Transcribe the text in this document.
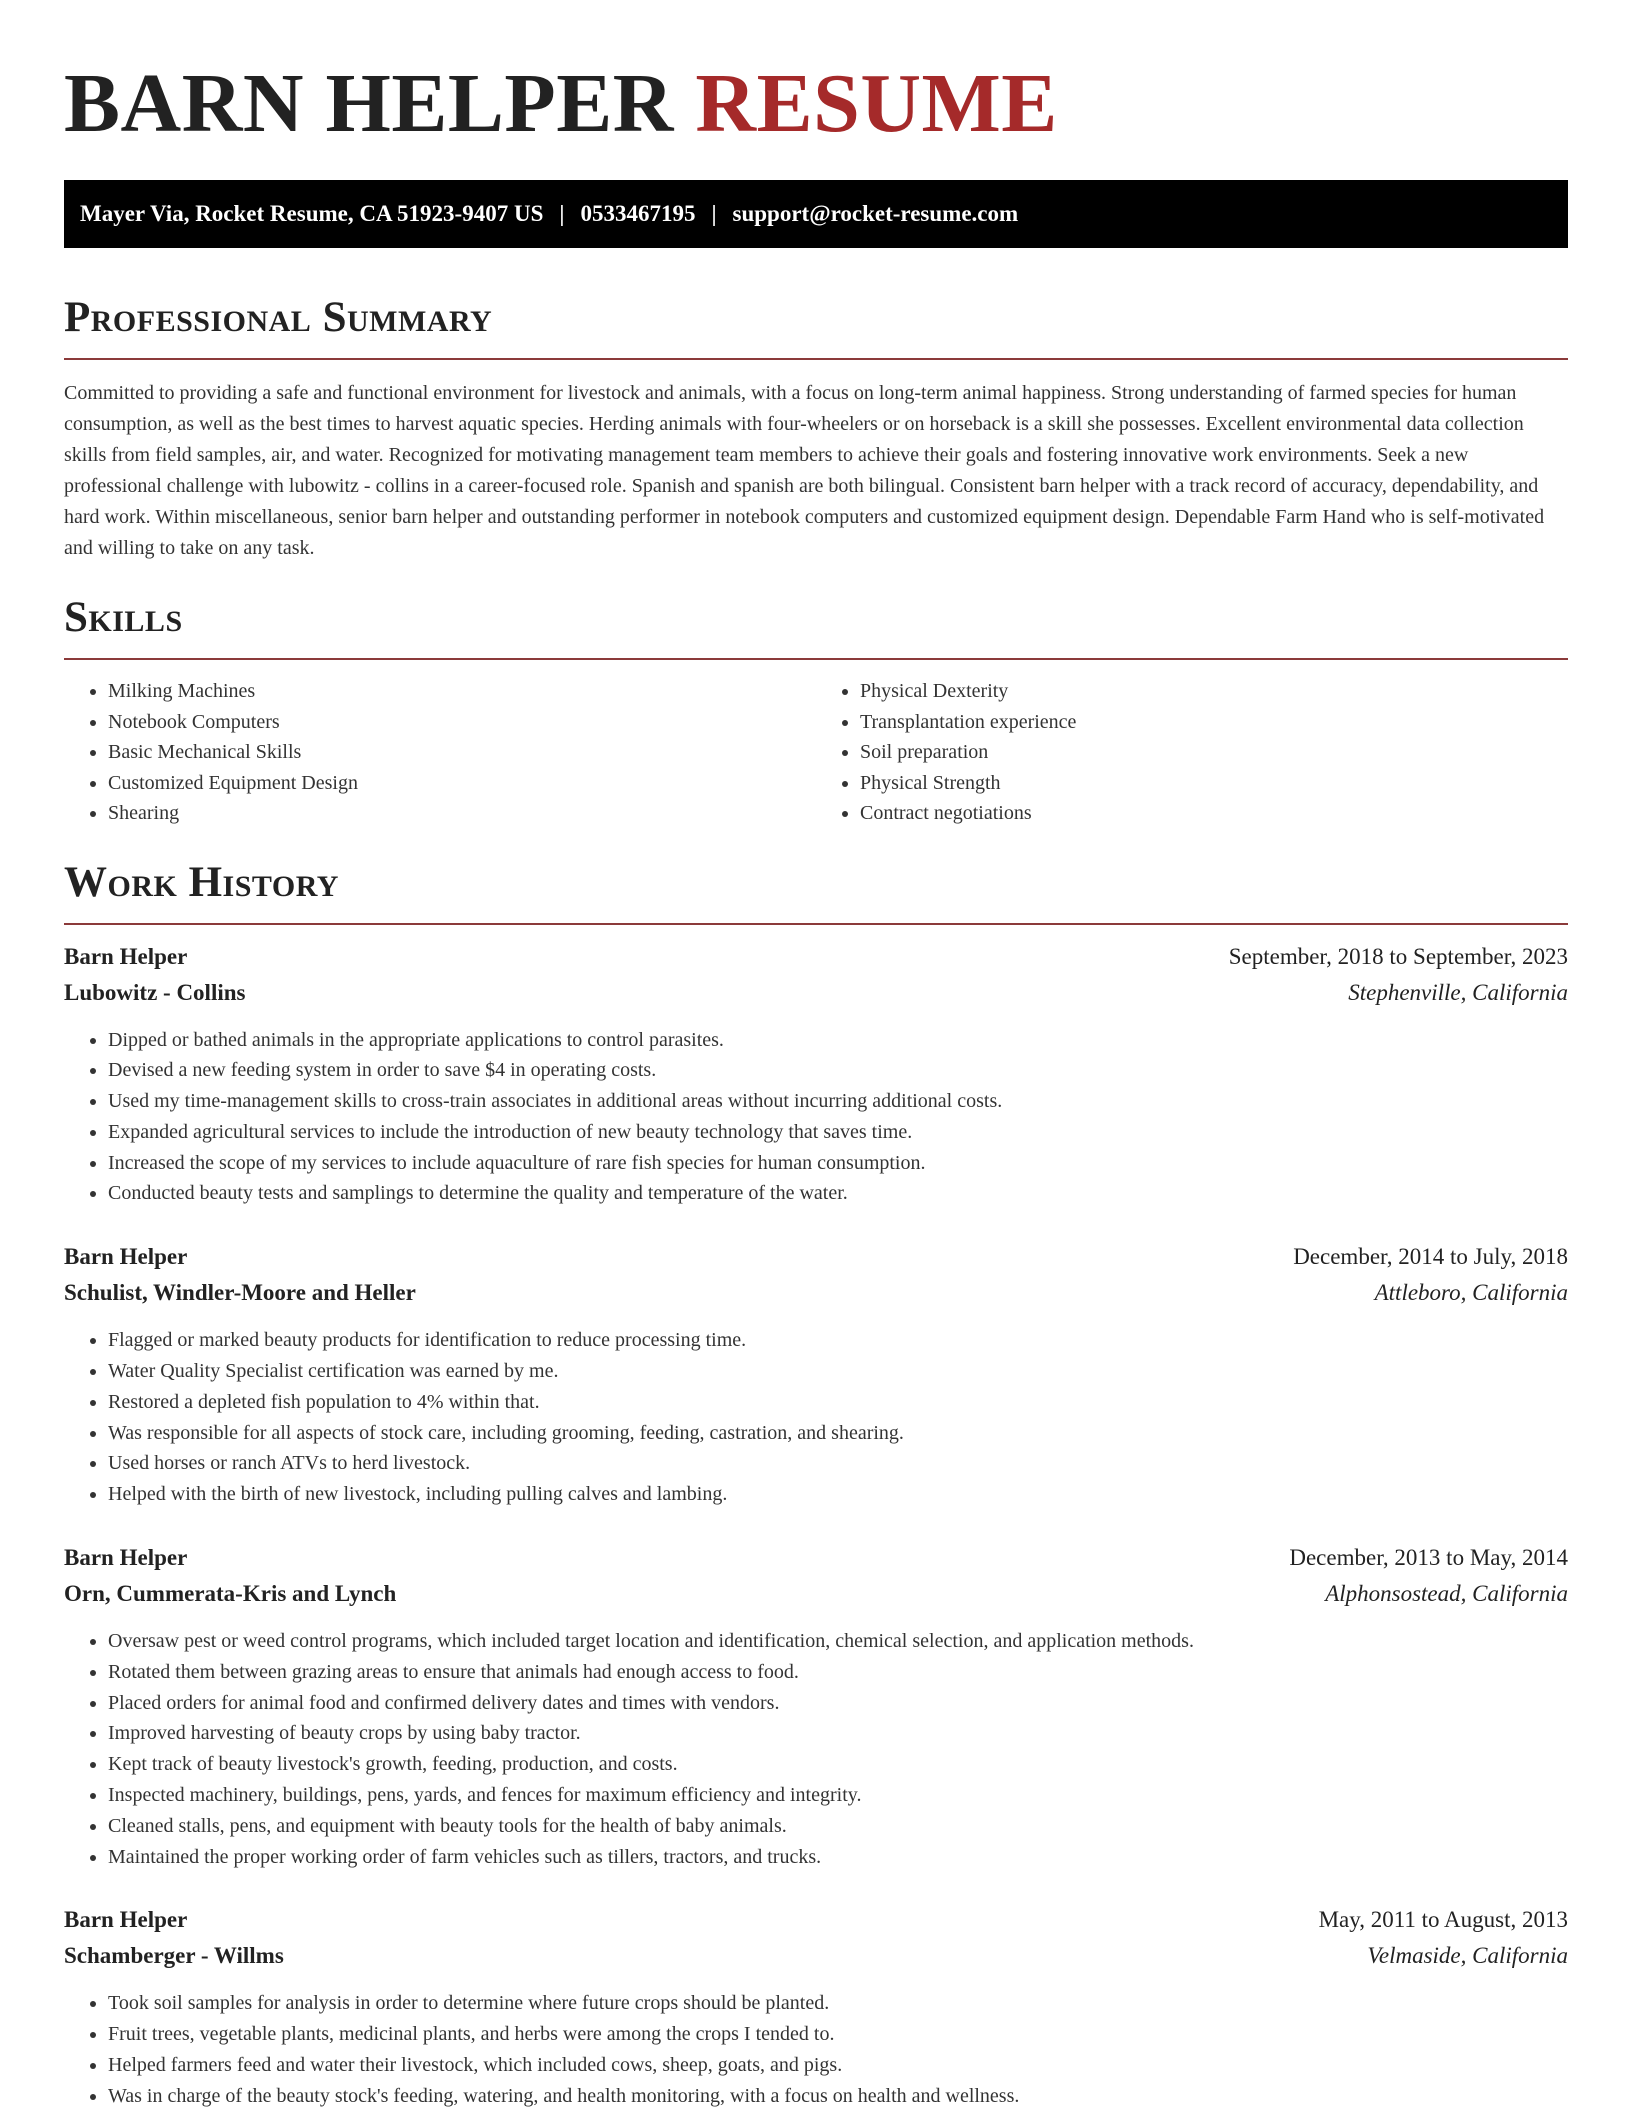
BARN HELPER RESUME
Mayer Via, Rocket Resume, CA 51923-9407 US | 0533467195 | support@rocket-resume.com
Professional Summary

Committed to providing a safe and functional environment for livestock and animals, with a focus on long-term animal happiness. Strong understanding of farmed species for human consumption, as well as the best times to harvest aquatic species. Herding animals with four-wheelers or on horseback is a skill she possesses. Excellent environmental data collection skills from field samples, air, and water. Recognized for motivating management team members to achieve their goals and fostering innovative work environments. Seek a new professional challenge with lubowitz - collins in a career-focused role. Spanish and spanish are both bilingual. Consistent barn helper with a track record of accuracy, dependability, and hard work. Within miscellaneous, senior barn helper and outstanding performer in notebook computers and customized equipment design. Dependable Farm Hand who is self-motivated and willing to take on any task.

Skills
• Milking Machines
• Notebook Computers
• Basic Mechanical Skills
• Customized Equipment Design
• Shearing
• Physical Dexterity
• Transplantation experience
• Soil preparation
• Physical Strength
• Contract negotiations
Work History
Barn Helper	September, 2018 to September, 2023
Lubowitz - Collins	Stephenville, California
• Dipped or bathed animals in the appropriate applications to control parasites.
• Devised a new feeding system in order to save $4 in operating costs.
• Used my time-management skills to cross-train associates in additional areas without incurring additional costs.
• Expanded agricultural services to include the introduction of new beauty technology that saves time.
• Increased the scope of my services to include aquaculture of rare fish species for human consumption.
• Conducted beauty tests and samplings to determine the quality and temperature of the water.
Barn Helper	December, 2014 to July, 2018
Schulist, Windler-Moore and Heller	Attleboro, California
• Flagged or marked beauty products for identification to reduce processing time.
• Water Quality Specialist certification was earned by me.
• Restored a depleted fish population to 4% within that.
• Was responsible for all aspects of stock care, including grooming, feeding, castration, and shearing.
• Used horses or ranch ATVs to herd livestock.
• Helped with the birth of new livestock, including pulling calves and lambing.
Barn Helper	December, 2013 to May, 2014
Orn, Cummerata-Kris and Lynch	Alphonsostead, California
• Oversaw pest or weed control programs, which included target location and identification, chemical selection, and application methods.
• Rotated them between grazing areas to ensure that animals had enough access to food.
• Placed orders for animal food and confirmed delivery dates and times with vendors.
• Improved harvesting of beauty crops by using baby tractor.
• Kept track of beauty livestock's growth, feeding, production, and costs.
• Inspected machinery, buildings, pens, yards, and fences for maximum efficiency and integrity.
• Cleaned stalls, pens, and equipment with beauty tools for the health of baby animals.
• Maintained the proper working order of farm vehicles such as tillers, tractors, and trucks.
Barn Helper	May, 2011 to August, 2013
Schamberger - Willms	Velmaside, California
• Took soil samples for analysis in order to determine where future crops should be planted.
• Fruit trees, vegetable plants, medicinal plants, and herbs were among the crops I tended to.
• Helped farmers feed and water their livestock, which included cows, sheep, goats, and pigs.
• Was in charge of the beauty stock's feeding, watering, and health monitoring, with a focus on health and wellness.
